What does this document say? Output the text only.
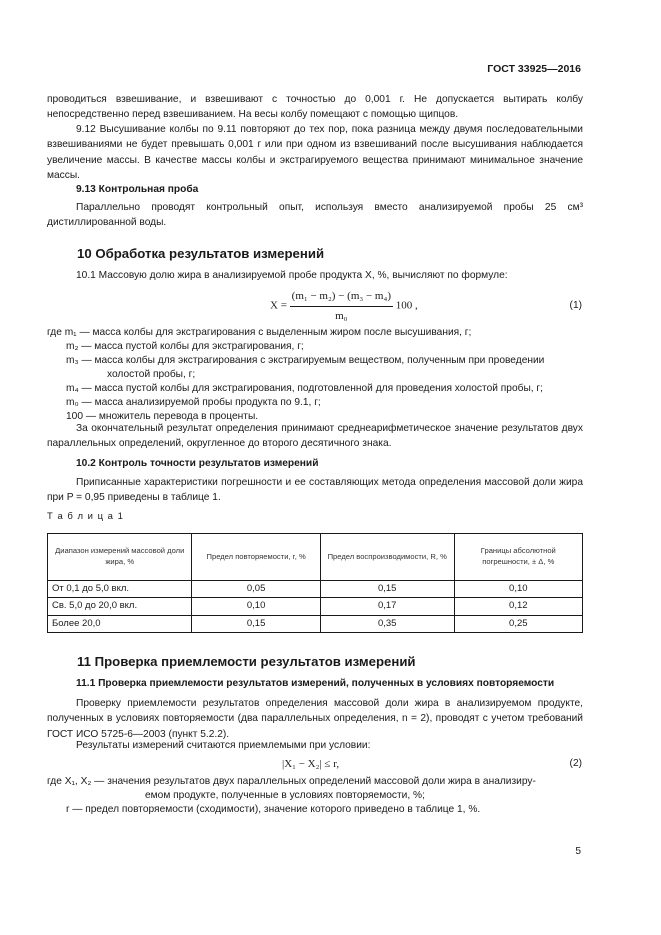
ГОСТ 33925—2016
проводиться взвешивание, и взвешивают с точностью до 0,001 г. Не допускается вытирать колбу непосредственно перед взвешиванием. На весы колбу помещают с помощью щипцов.
9.12 Высушивание колбы по 9.11 повторяют до тех пор, пока разница между двумя последовательными взвешиваниями не будет превышать 0,001 г или при одном из взвешиваний после высушивания наблюдается увеличение массы. В качестве массы колбы и экстрагируемого вещества принимают минимальное значение массы.
9.13 Контрольная проба
Параллельно проводят контрольный опыт, используя вместо анализируемой пробы 25 см³ дистиллированной воды.
10 Обработка результатов измерений
10.1 Массовую долю жира в анализируемой пробе продукта X, %, вычисляют по формуле:
$X = \frac{\text{(m₁ − m₂) − (m₃ − m₄)}}{\text{m₀}} 100$ ,	(1)
где m₁ — масса колбы для экстрагирования с выделенным жиром после высушивания, г;
m₂ — масса пустой колбы для экстрагирования, г;
m₃ — масса колбы для экстрагирования с экстрагируемым веществом, полученным при проведении
холостой пробы, г;
m₄ — масса пустой колбы для экстрагирования, подготовленной для проведения холостой пробы, г;
m₀ — масса анализируемой пробы продукта по 9.1, г;
100 — множитель перевода в проценты.
За окончательный результат определения принимают среднеарифметическое значение результатов двух параллельных определений, округленное до второго десятичного знака.
10.2 Контроль точности результатов измерений
Приписанные характеристики погрешности и ее составляющих метода определения массовой доли жира при P = 0,95 приведены в таблице 1.
Т а б л и ц а 1
Диапазон измерений массовой доли жира, %	Предел повторяемости, r, %	Предел воспроизводимости, R, %	Границы абсолютной погрешности, ± Δ, %
От 0,1 до 5,0 вкл.	0,05	0,15	0,10
Св. 5,0 до 20,0 вкл.	0,10	0,17	0,12
Более 20,0	0,15	0,35	0,25
11 Проверка приемлемости результатов измерений
11.1 Проверка приемлемости результатов измерений, полученных в условиях повторяемости
Проверку приемлемости результатов определения массовой доли жира в анализируемом продукте, полученных в условиях повторяемости (два параллельных определения, n = 2), проводят с учетом требований ГОСТ ИСО 5725-6—2003 (пункт 5.2.2).
Результаты измерений считаются приемлемыми при условии:
|X₁ − X₂| ≤ r,	(2)
где X₁, X₂ — значения результатов двух параллельных определений массовой доли жира в анализиру-
емом продукте, полученные в условиях повторяемости, %;
r — предел повторяемости (сходимости), значение которого приведено в таблице 1, %.
5
